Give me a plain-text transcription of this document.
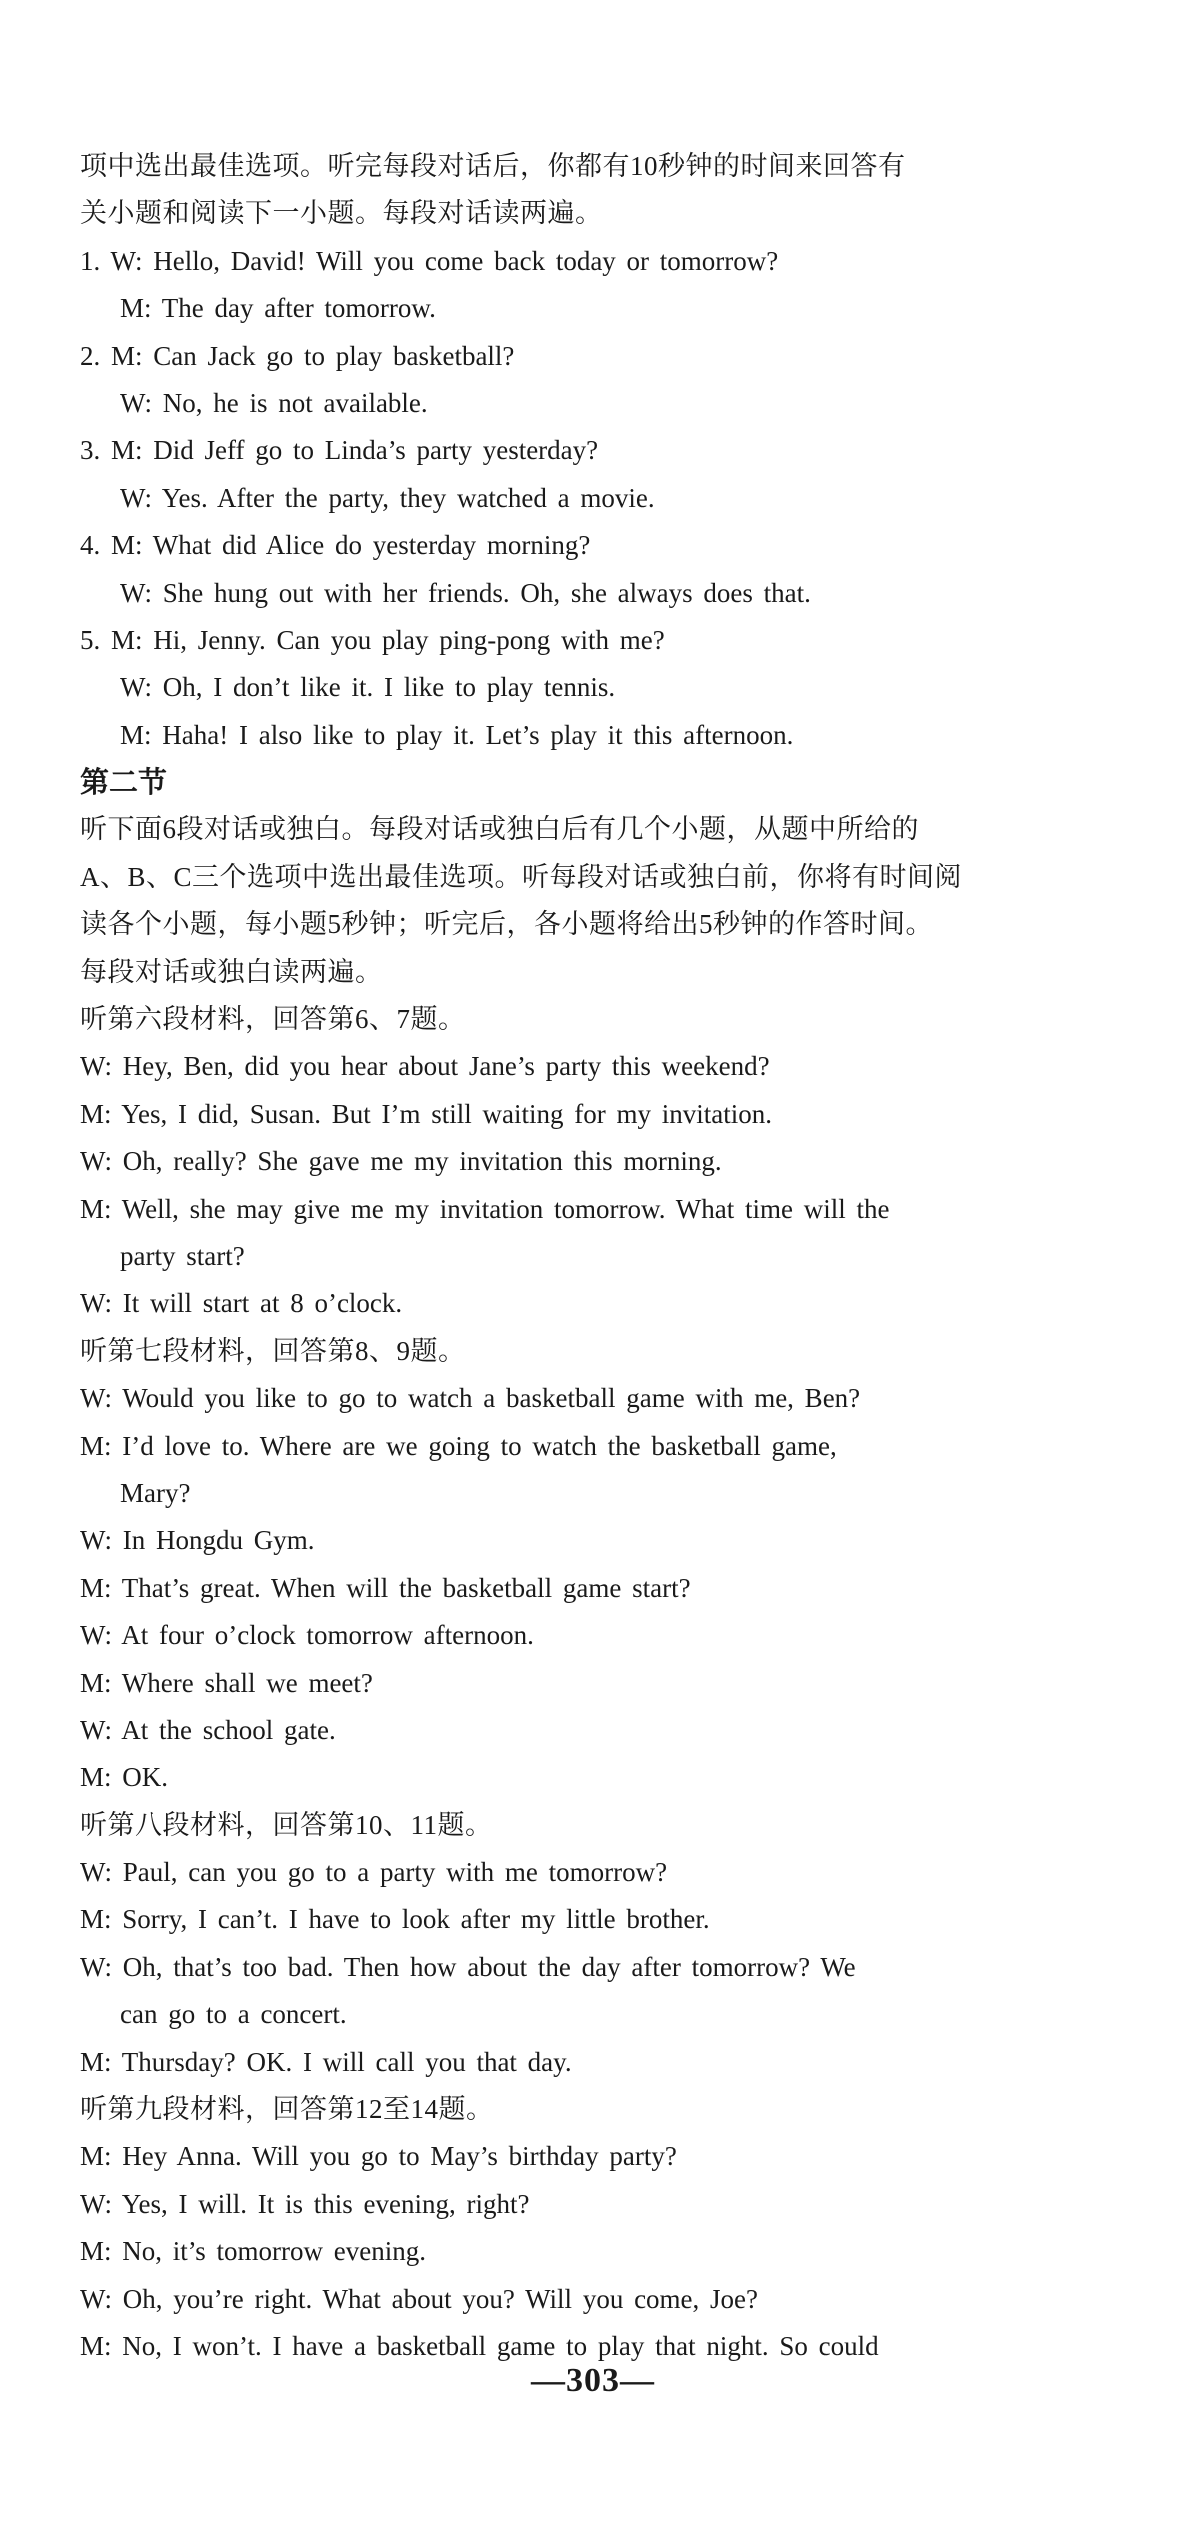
项中选出最佳选项。听完每段对话后，你都有10秒钟的时间来回答有
关小题和阅读下一小题。每段对话读两遍。
1. W: Hello, David! Will you come back today or tomorrow?
M: The day after tomorrow.
2. M: Can Jack go to play basketball?
W: No, he is not available.
3. M: Did Jeff go to Linda’s party yesterday?
W: Yes. After the party, they watched a movie.
4. M: What did Alice do yesterday morning?
W: She hung out with her friends. Oh, she always does that.
5. M: Hi, Jenny. Can you play ping-pong with me?
W: Oh, I don’t like it. I like to play tennis.
M: Haha! I also like to play it. Let’s play it this afternoon.
第二节
听下面6段对话或独白。每段对话或独白后有几个小题，从题中所给的
A、B、C三个选项中选出最佳选项。听每段对话或独白前，你将有时间阅
读各个小题，每小题5秒钟；听完后，各小题将给出5秒钟的作答时间。
每段对话或独白读两遍。
听第六段材料，回答第6、7题。
W: Hey, Ben, did you hear about Jane’s party this weekend?
M: Yes, I did, Susan. But I’m still waiting for my invitation.
W: Oh, really? She gave me my invitation this morning.
M: Well, she may give me my invitation tomorrow. What time will the
party start?
W: It will start at 8 o’clock.
听第七段材料，回答第8、9题。
W: Would you like to go to watch a basketball game with me, Ben?
M: I’d love to. Where are we going to watch the basketball game,
Mary?
W: In Hongdu Gym.
M: That’s great. When will the basketball game start?
W: At four o’clock tomorrow afternoon.
M: Where shall we meet?
W: At the school gate.
M: OK.
听第八段材料，回答第10、11题。
W: Paul, can you go to a party with me tomorrow?
M: Sorry, I can’t. I have to look after my little brother.
W: Oh, that’s too bad. Then how about the day after tomorrow? We
can go to a concert.
M: Thursday? OK. I will call you that day.
听第九段材料，回答第12至14题。
M: Hey Anna. Will you go to May’s birthday party?
W: Yes, I will. It is this evening, right?
M: No, it’s tomorrow evening.
W: Oh, you’re right. What about you? Will you come, Joe?
M: No, I won’t. I have a basketball game to play that night. So could
—303—
